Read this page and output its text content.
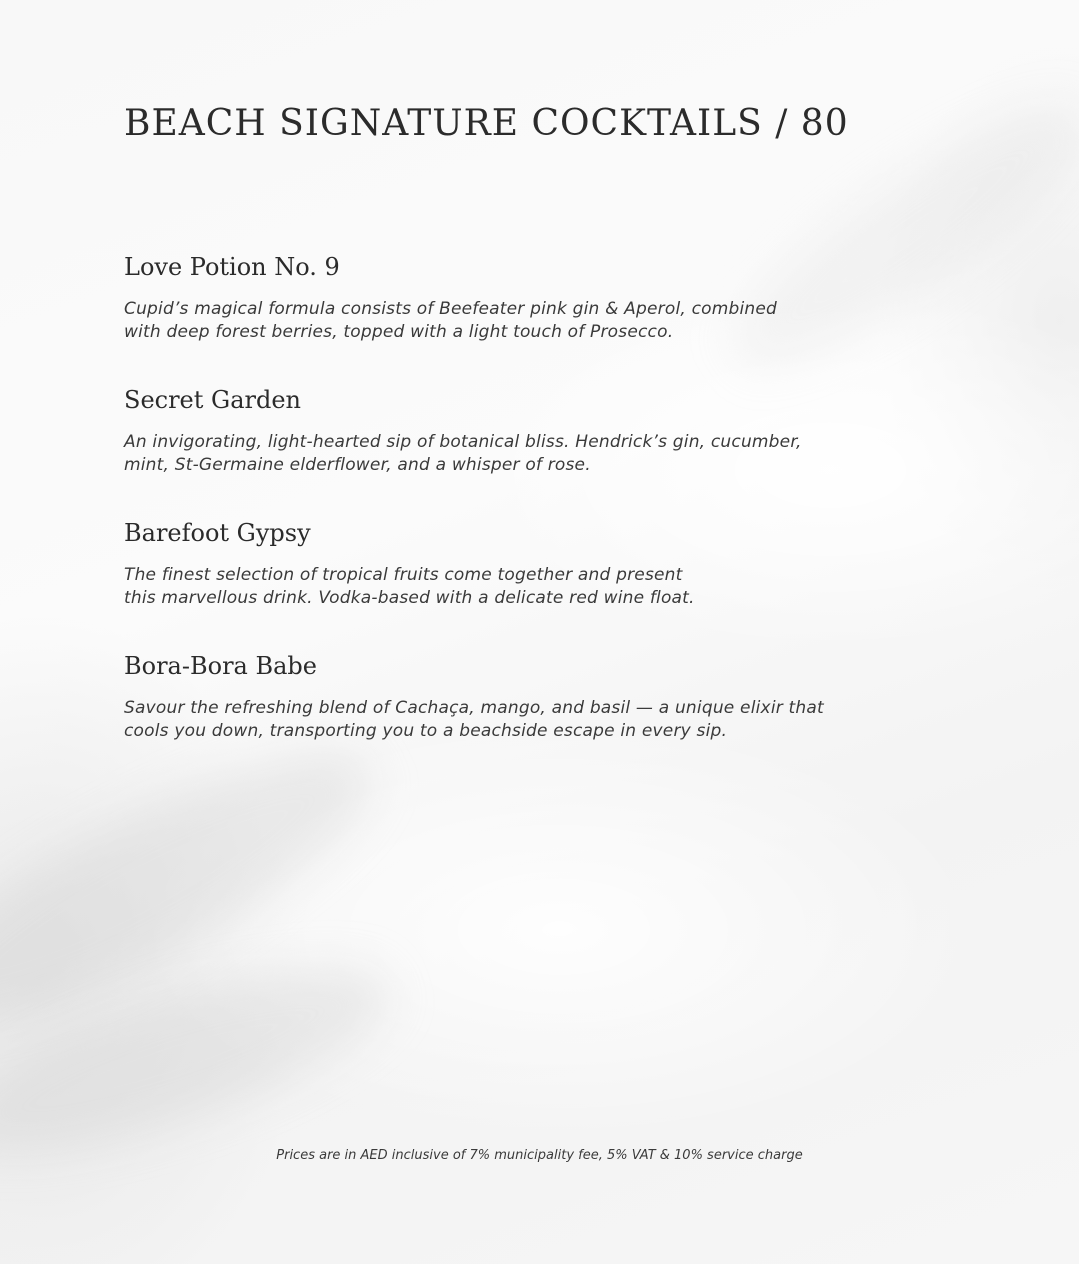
BEACH SIGNATURE COCKTAILS / 80
Love Potion No. 9

Cupid’s magical formula consists of Beefeater pink gin & Aperol, combined
with deep forest berries, topped with a light touch of Prosecco.

Secret Garden

An invigorating, light-hearted sip of botanical bliss. Hendrick’s gin, cucumber,
mint, St-Germaine elderflower, and a whisper of rose.

Barefoot Gypsy

The finest selection of tropical fruits come together and present
this marvellous drink. Vodka-based with a delicate red wine float.

Bora-Bora Babe

Savour the refreshing blend of Cachaça, mango, and basil — a unique elixir that
cools you down, transporting you to a beachside escape in every sip.

Prices are in AED inclusive of 7% municipality fee, 5% VAT & 10% service charge
